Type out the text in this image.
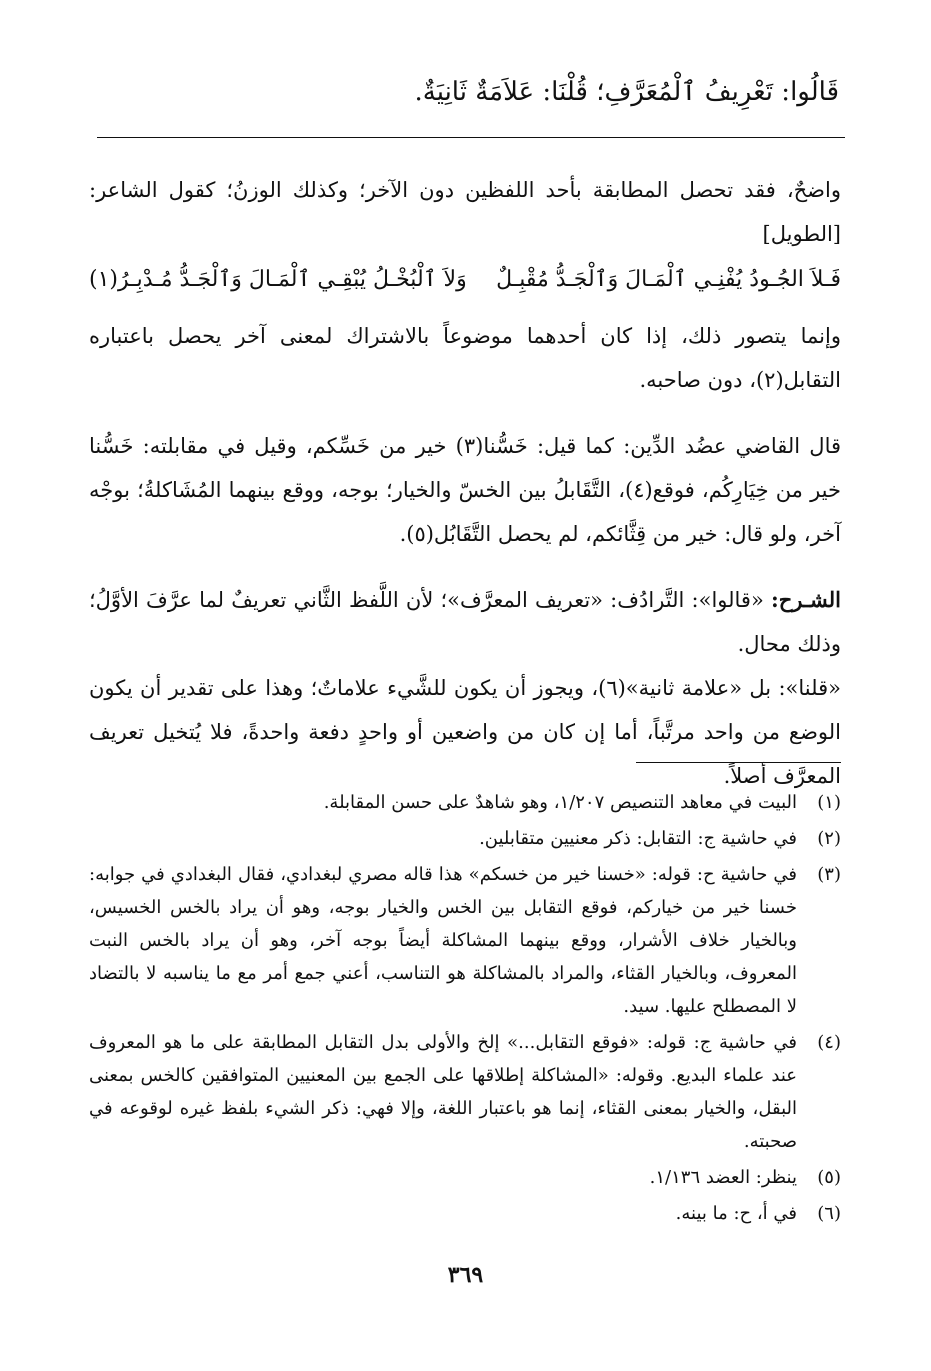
قَالُوا: تَعْرِيفُ ٱلْمُعَرَّفِ؛ قُلْنَا: عَلاَمَةٌ ثَانِيَةٌ.

واضحٌ، فقد تحصل المطابقة بأحد اللفظين دون الآخر؛ وكذلك الوزنُ؛ كقول الشاعر: [الطويل]

فَـلاَ الجُـودُ يُفْنِـي ٱلْمَـالَ وَٱلْجَـدُّ مُقْبِـلٌ
وَلاَ ٱلْبُخْـلُ يُبْقِـي ٱلْمَـالَ وَٱلْجَـدُّ مُـدْبِـرُ(١)

وإنما يتصور ذلك، إذا كان أحدهما موضوعاً بالاشتراك لمعنى آخر يحصل باعتباره التقابل(٢)، دون صاحبه.

قال القاضي عضُد الدِّين: كما قيل: خَسُّنا(٣) خير من خَسِّكم، وقيل في مقابلته: خَسُّنا خير من خِيَارِكُم، فوقع(٤)، التَّقَابلُ بين الخسّ والخيار؛ بوجه، ووقع بينهما المُشَاكلةُ؛ بوجْه آخر، ولو قال: خير من قِثَّائكم، لم يحصل التَّقَابُل(٥).

الشـرح: «قالوا»: التَّرادُف: «تعريف المعرَّف»؛ لأن اللَّفظ الثَّاني تعريفٌ لما عرَّفَ الأوَّلُ؛ وذلك محال.

«قلنا»: بل «علامة ثانية»(٦)، ويجوز أن يكون للشَّيء علاماتٌ؛ وهذا على تقدير أن يكون الوضع من واحد مرتَّباً، أما إن كان من واضعين أو واحدٍ دفعة واحدةً، فلا يُتخيل تعريف المعرَّف أصلاً.

(١)
البيت في معاهد التنصيص ١/٢٠٧، وهو شاهدٌ على حسن المقابلة.
(٢)
في حاشية ج: التقابل: ذكر معنيين متقابلين.
(٣)
في حاشية ح: قوله: «خسنا خير من خسكم» هذا قاله مصري لبغدادي، فقال البغدادي في جوابه: خسنا خير من خياركم، فوقع التقابل بين الخس والخيار بوجه، وهو أن يراد بالخس الخسيس، وبالخيار خلاف الأشرار، ووقع بينهما المشاكلة أيضاً بوجه آخر، وهو أن يراد بالخس النبت المعروف، وبالخيار القثاء، والمراد بالمشاكلة هو التناسب، أعني جمع أمر مع ما يناسبه لا بالتضاد لا المصطلح عليها. سيد.
(٤)
في حاشية ج: قوله: «فوقع التقابل...» إلخ والأولى بدل التقابل المطابقة على ما هو المعروف عند علماء البديع. وقوله: «المشاكلة إطلاقها على الجمع بين المعنيين المتوافقين كالخس بمعنى البقل، والخيار بمعنى القثاء، إنما هو باعتبار اللغة، وإلا فهي: ذكر الشيء بلفظ غيره لوقوعه في صحبته.
(٥)
ينظر: العضد ١/١٣٦.
(٦)
في أ، ح: ما بينه.
٣٦٩
